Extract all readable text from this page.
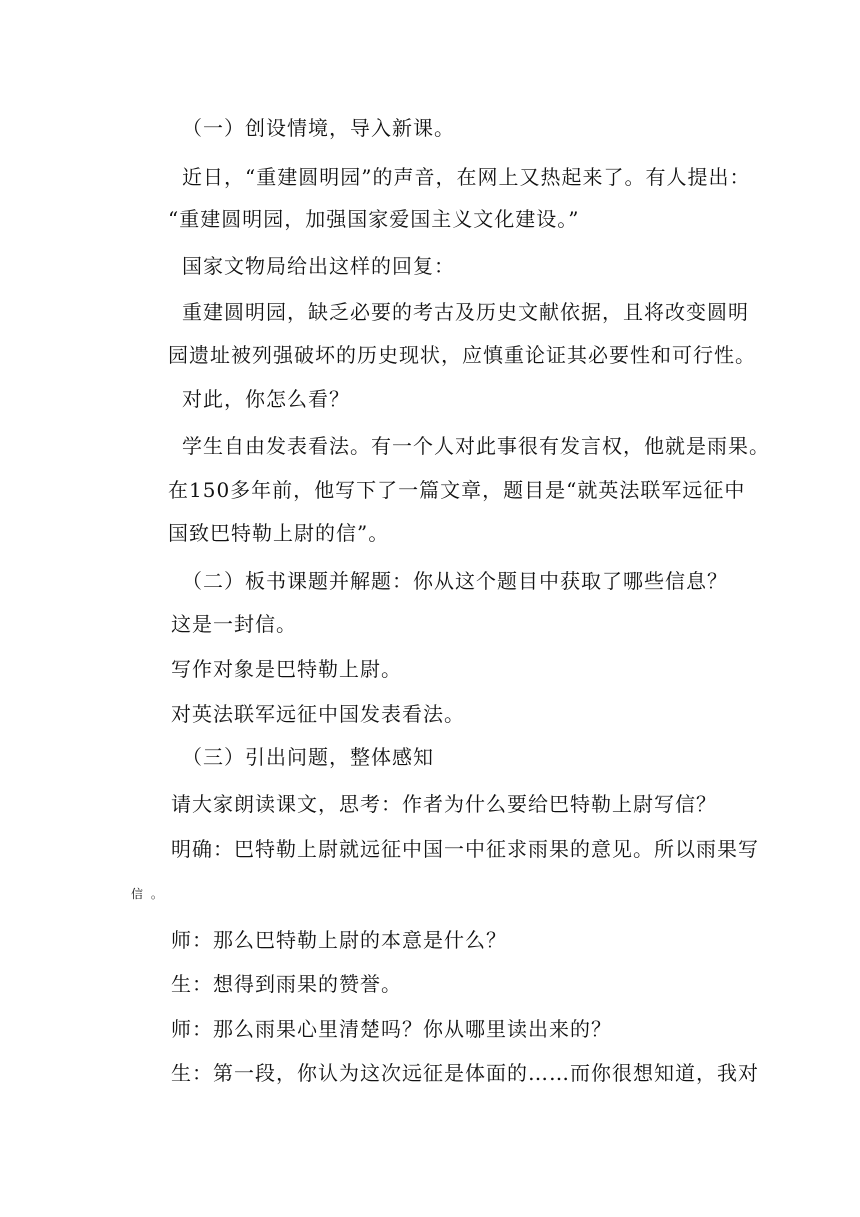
（一）创设情境，导入新课。
近日，“重建圆明园”的声音，在网上又热起来了。有人提出：
“重建圆明园，加强国家爱国主义文化建设。”
国家文物局给出这样的回复：
重建圆明园，缺乏必要的考古及历史文献依据，且将改变圆明
园遗址被列强破坏的历史现状，应慎重论证其必要性和可行性。
对此，你怎么看？
学生自由发表看法。有一个人对此事很有发言权，他就是雨果。
在150多年前，他写下了一篇文章，题目是“就英法联军远征中
国致巴特勒上尉的信”。
（二）板书课题并解题：你从这个题目中获取了哪些信息？
这是一封信。
写作对象是巴特勒上尉。
对英法联军远征中国发表看法。
（三）引出问题，整体感知
请大家朗读课文，思考：作者为什么要给巴特勒上尉写信？
明确：巴特勒上尉就远征中国一中征求雨果的意见。所以雨果写
信 。
师：那么巴特勒上尉的本意是什么？
生：想得到雨果的赞誉。
师：那么雨果心里清楚吗？你从哪里读出来的？
生：第一段，你认为这次远征是体面的……而你很想知道，我对
